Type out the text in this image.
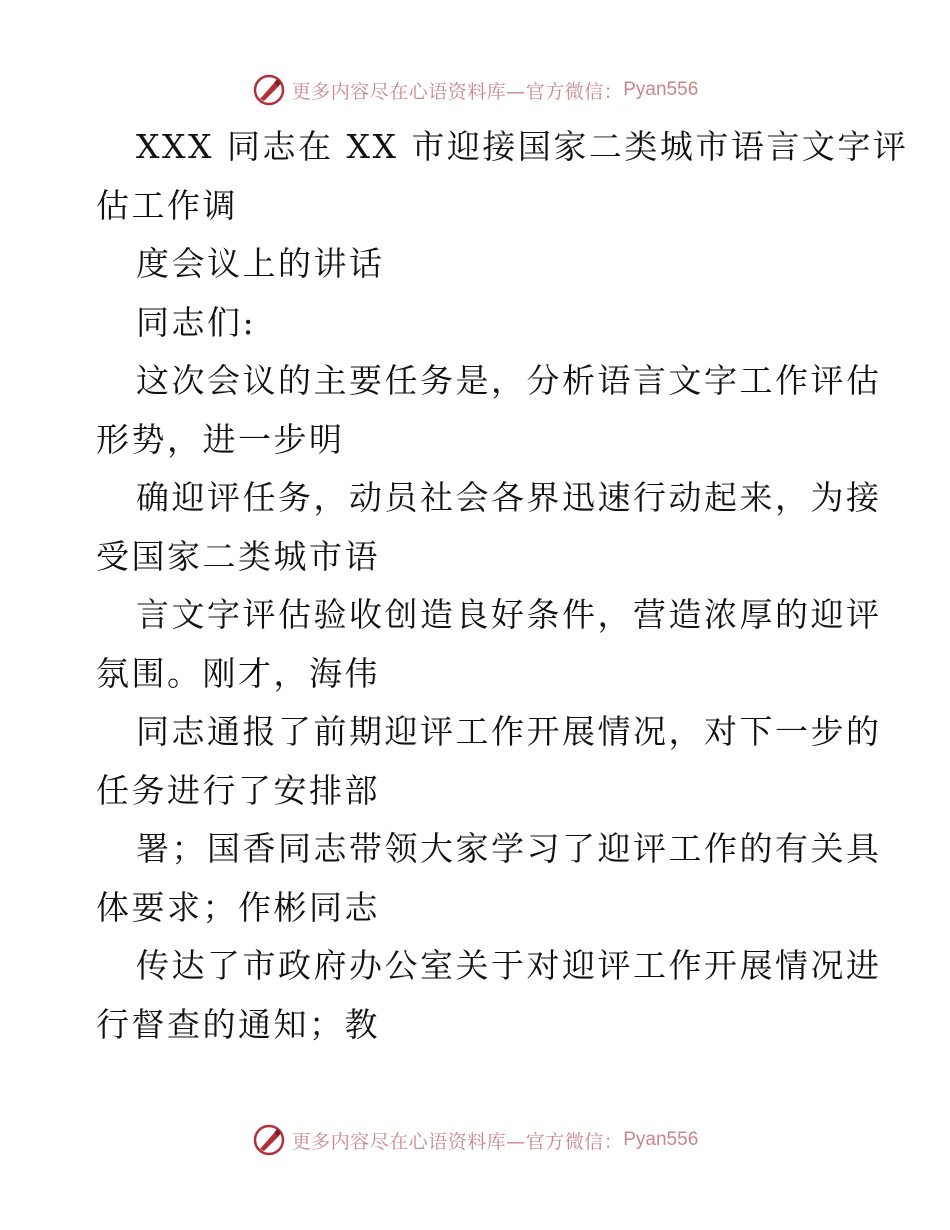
更多内容尽在心语资料库—官方微信： Pyan556
XXX 同志在 XX 市迎接国家二类城市语言文字评
估工作调
度会议上的讲话
同志们:
这次会议的主要任务是，分析语言文字工作评估
形势，进一步明
确迎评任务，动员社会各界迅速行动起来，为接
受国家二类城市语
言文字评估验收创造良好条件，营造浓厚的迎评
氛围。刚才，海伟
同志通报了前期迎评工作开展情况，对下一步的
任务进行了安排部
署；国香同志带领大家学习了迎评工作的有关具
体要求；作彬同志
传达了市政府办公室关于对迎评工作开展情况进
行督查的通知；教
更多内容尽在心语资料库—官方微信： Pyan556
